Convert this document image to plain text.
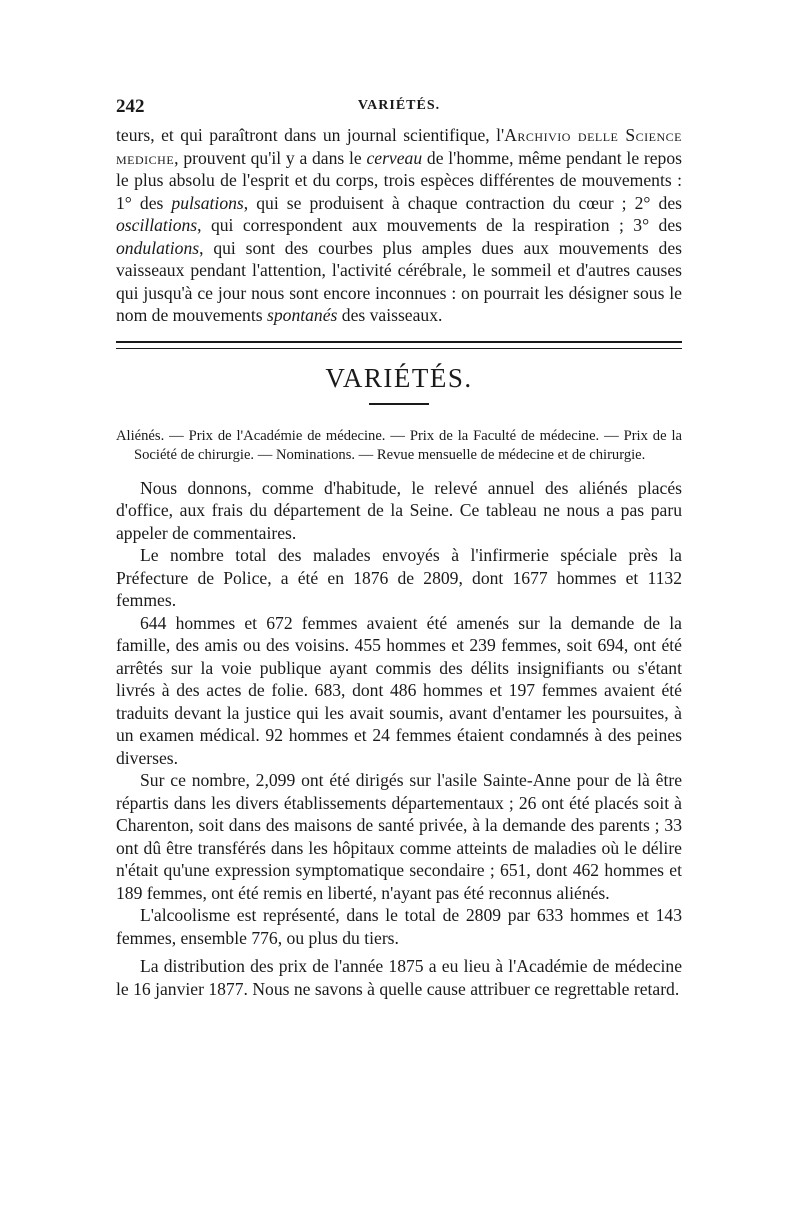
242	VARIÉTÉS.

teurs, et qui paraîtront dans un journal scientifique, l'Archivio delle Science mediche, prouvent qu'il y a dans le cerveau de l'homme, même pendant le repos le plus absolu de l'esprit et du corps, trois espèces différentes de mouvements : 1° des pulsations, qui se produisent à chaque contraction du cœur ; 2° des oscillations, qui correspondent aux mouvements de la respiration ; 3° des ondulations, qui sont des courbes plus amples dues aux mouvements des vaisseaux pendant l'attention, l'activité cérébrale, le sommeil et d'autres causes qui jusqu'à ce jour nous sont encore inconnues : on pourrait les désigner sous le nom de mouvements spontanés des vaisseaux.

VARIÉTÉS.

Aliénés. — Prix de l'Académie de médecine. — Prix de la Faculté de médecine. — Prix de la Société de chirurgie. — Nominations. — Revue mensuelle de médecine et de chirurgie.

Nous donnons, comme d'habitude, le relevé annuel des aliénés placés d'office, aux frais du département de la Seine. Ce tableau ne nous a pas paru appeler de commentaires.

Le nombre total des malades envoyés à l'infirmerie spéciale près la Préfecture de Police, a été en 1876 de 2809, dont 1677 hommes et 1132 femmes.

644 hommes et 672 femmes avaient été amenés sur la demande de la famille, des amis ou des voisins. 455 hommes et 239 femmes, soit 694, ont été arrêtés sur la voie publique ayant commis des délits insignifiants ou s'étant livrés à des actes de folie. 683, dont 486 hommes et 197 femmes avaient été traduits devant la justice qui les avait soumis, avant d'entamer les poursuites, à un examen médical. 92 hommes et 24 femmes étaient condamnés à des peines diverses.

Sur ce nombre, 2,099 ont été dirigés sur l'asile Sainte-Anne pour de là être répartis dans les divers établissements départementaux ; 26 ont été placés soit à Charenton, soit dans des maisons de santé privée, à la demande des parents ; 33 ont dû être transférés dans les hôpitaux comme atteints de maladies où le délire n'était qu'une expression symptomatique secondaire ; 651, dont 462 hommes et 189 femmes, ont été remis en liberté, n'ayant pas été reconnus aliénés.

L'alcoolisme est représenté, dans le total de 2809 par 633 hommes et 143 femmes, ensemble 776, ou plus du tiers.

La distribution des prix de l'année 1875 a eu lieu à l'Académie de médecine le 16 janvier 1877. Nous ne savons à quelle cause attribuer ce regrettable retard.
